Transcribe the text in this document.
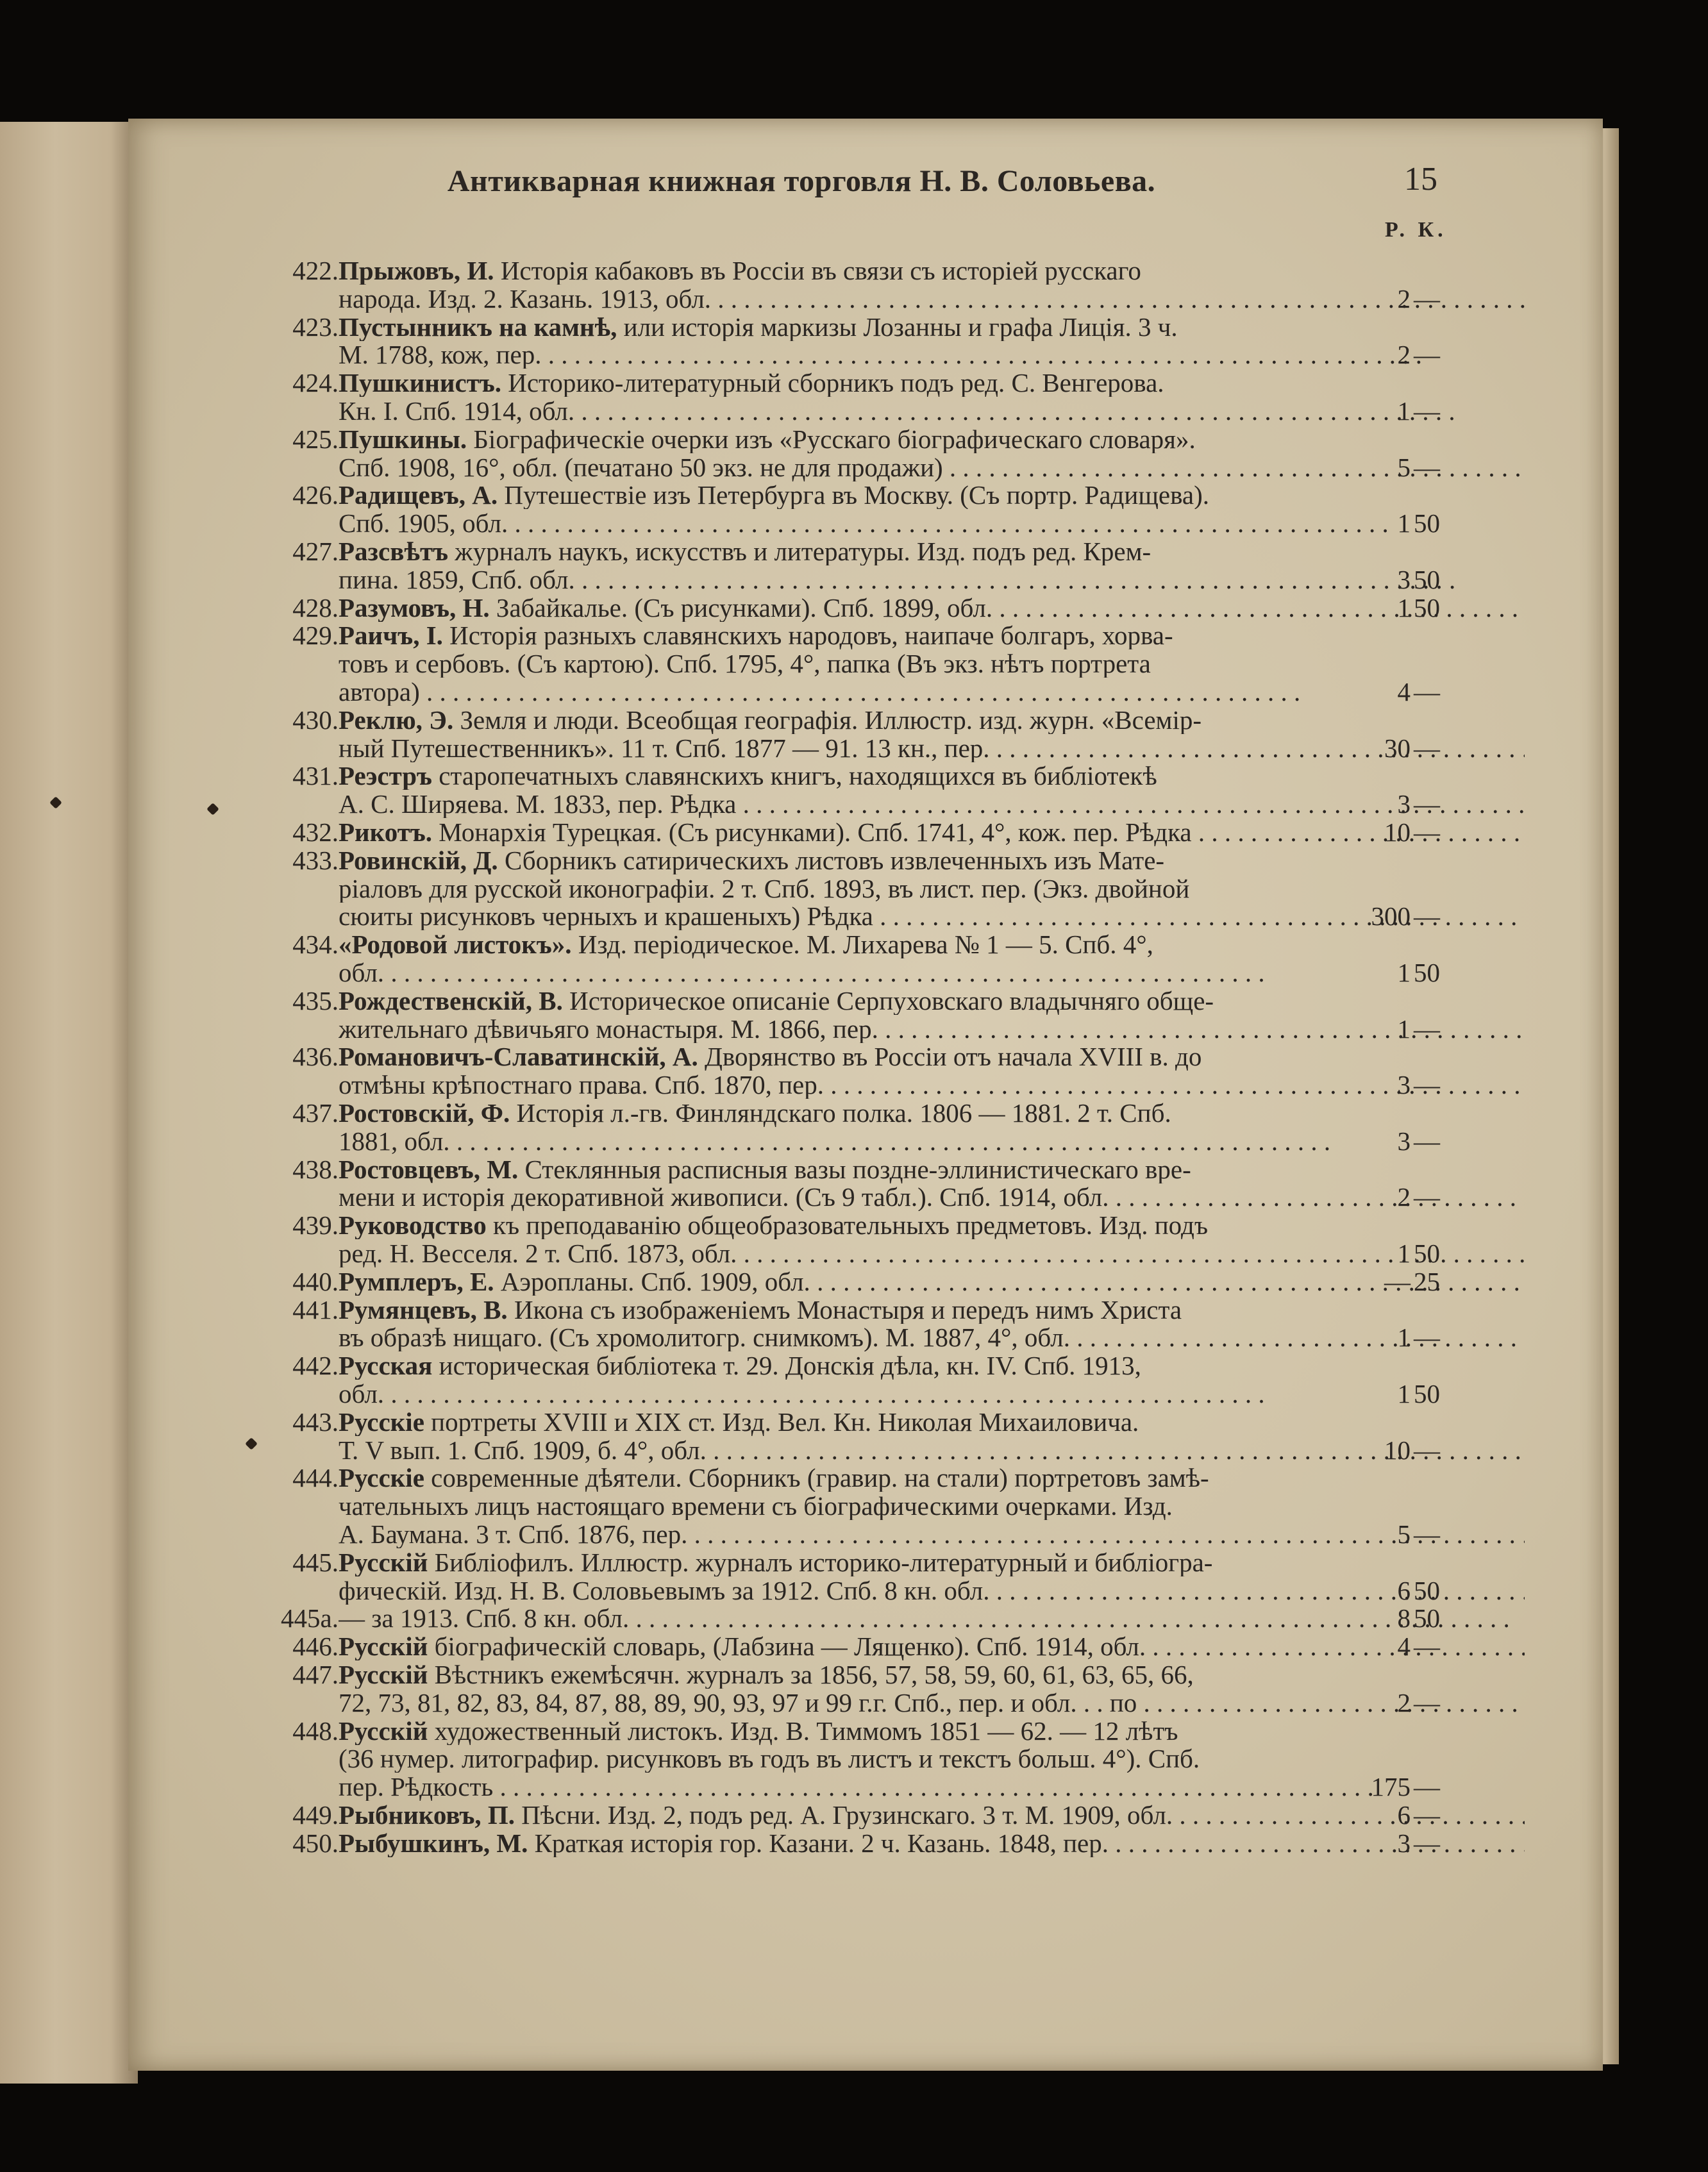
Антикварная книжная торговля Н. В. Соловьева.	15
Р. К.
422. Прыжовъ, И. Исторія кабаковъ въ Россіи въ связи съ исторіей русскаго
народа. Изд. 2. Казань. 1913, обл. . . .	2 —
423. Пустынникъ на камнѣ, или исторія маркизы Лозанны и графа Лиція. 3 ч.
М. 1788, кож, пер. . . .	2 —
424. Пушкинистъ. Историко-литературный сборникъ подъ ред. С. Венгерова.
Кн. I. Спб. 1914, обл. . . .	1 —
425. Пушкины. Біографическіе очерки изъ «Русскаго біографическаго словаря».
Спб. 1908, 16°, обл. (печатано 50 экз. не для продажи) . . .	5 —
426. Радищевъ, А. Путешествіе изъ Петербурга въ Москву. (Съ портр. Радищева).
Спб. 1905, обл. . . .	1 50
427. Разсвѣтъ журналъ наукъ, искусствъ и литературы. Изд. подъ ред. Крем-
пина. 1859, Спб. обл. . . .	3 50
428. Разумовъ, Н. Забайкалье. (Съ рисунками). Спб. 1899, обл. . . .	1 50
429. Раичъ, І. Исторія разныхъ славянскихъ народовъ, наипаче болгаръ, хорва-
товъ и сербовъ. (Съ картою). Спб. 1795, 4°, папка (Въ экз. нѣтъ портрета
автора) . . .	4 —
430. Реклю, Э. Земля и люди. Всеобщая географія. Иллюстр. изд. журн. «Всемір-
ный Путешественникъ». 11 т. Спб. 1877 — 91. 13 кн., пер. . . .	30 —
431. Реэстръ старопечатныхъ славянскихъ книгъ, находящихся въ библіотекѣ
А. С. Ширяева. М. 1833, пер. Рѣдка . . .	3 —
432. Рикотъ. Монархія Турецкая. (Съ рисунками). Спб. 1741, 4°, кож. пер. Рѣдка . . .	10 —
433. Ровинскій, Д. Сборникъ сатирическихъ листовъ извлеченныхъ изъ Мате-
ріаловъ для русской иконографіи. 2 т. Спб. 1893, въ лист. пер. (Экз. двойной
сюиты рисунковъ черныхъ и крашеныхъ) Рѣдка . . .	300 —
434. «Родовой листокъ». Изд. періодическое. М. Лихарева № 1 — 5. Спб. 4°,
обл. . . .	1 50
435. Рождественскій, В. Историческое описаніе Серпуховскаго владычняго обще-
жительнаго дѣвичьяго монастыря. М. 1866, пер. . . .	1 —
436. Романовичъ-Славатинскій, А. Дворянство въ Россіи отъ начала XVIII в. до
отмѣны крѣпостнаго права. Спб. 1870, пер. . . .	3 —
437. Ростовскій, Ф. Исторія л.-гв. Финляндскаго полка. 1806 — 1881. 2 т. Спб.
1881, обл. . . .	3 —
438. Ростовцевъ, М. Стеклянныя расписныя вазы поздне-эллинистическаго вре-
мени и исторія декоративной живописи. (Съ 9 табл.). Спб. 1914, обл. . . .	2 —
439. Руководство къ преподаванію общеобразовательныхъ предметовъ. Изд. подъ
ред. Н. Весселя. 2 т. Спб. 1873, обл. . . .	1 50
440. Румплеръ, Е. Аэропланы. Спб. 1909, обл. . . .	— 25
441. Румянцевъ, В. Икона съ изображеніемъ Монастыря и передъ нимъ Христа
въ образѣ нищаго. (Съ хромолитогр. снимкомъ). М. 1887, 4°, обл. . . .	1 —
442. Русская историческая библіотека т. 29. Донскія дѣла, кн. IV. Спб. 1913,
обл. . . .	1 50
443. Русскіе портреты XVIII и XIX ст. Изд. Вел. Кн. Николая Михаиловича.
Т. V вып. 1. Спб. 1909, б. 4°, обл. . . .	10 —
444. Русскіе современные дѣятели. Сборникъ (гравир. на стали) портретовъ замѣ-
чательныхъ лицъ настоящаго времени съ біографическими очерками. Изд.
А. Баумана. 3 т. Спб. 1876, пер. . . .	5 —
445. Русскій Библіофилъ. Иллюстр. журналъ историко-литературный и библіогра-
фическій. Изд. Н. В. Соловьевымъ за 1912. Спб. 8 кн. обл. . . .	6 50
445а. — за 1913. Спб. 8 кн. обл. . . .	8 50
446. Русскій біографическій словарь, (Лабзина — Лященко). Спб. 1914, обл. . . .	4 —
447. Русскій Вѣстникъ ежемѣсячн. журналъ за 1856, 57, 58, 59, 60, 61, 63, 65, 66,
72, 73, 81, 82, 83, 84, 87, 88, 89, 90, 93, 97 и 99 г.г. Спб., пер. и обл. . . по . . .	2 —
448. Русскій художественный листокъ. Изд. В. Тиммомъ 1851 — 62. — 12 лѣтъ
(36 нумер. литографир. рисунковъ въ годъ въ листъ и текстъ больш. 4°). Спб.
пер. Рѣдкость . . .	175 —
449. Рыбниковъ, П. Пѣсни. Изд. 2, подъ ред. А. Грузинскаго. 3 т. М. 1909, обл. . . .	6 —
450. Рыбушкинъ, М. Краткая исторія гор. Казани. 2 ч. Казань. 1848, пер. . . .	3 —
